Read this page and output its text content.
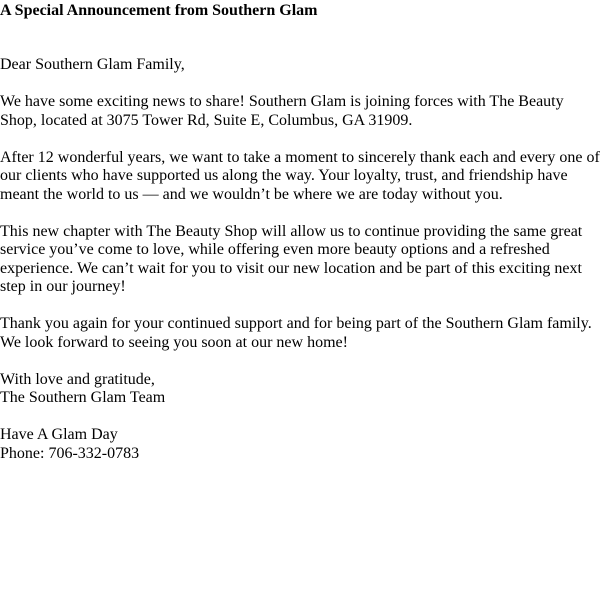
A Special Announcement from Southern Glam

Dear Southern Glam Family,

We have some exciting news to share! Southern Glam is joining forces with The Beauty Shop, located at 3075 Tower Rd, Suite E, Columbus, GA 31909.

After 12 wonderful years, we want to take a moment to sincerely thank each and every one of our clients who have supported us along the way. Your loyalty, trust, and friendship have meant the world to us — and we wouldn’t be where we are today without you.

This new chapter with The Beauty Shop will allow us to continue providing the same great service you’ve come to love, while offering even more beauty options and a refreshed experience. We can’t wait for you to visit our new location and be part of this exciting next step in our journey!

Thank you again for your continued support and for being part of the Southern Glam family. We look forward to seeing you soon at our new home!

With love and gratitude,
The Southern Glam Team

Have A Glam Day
Phone: 706-332-0783
